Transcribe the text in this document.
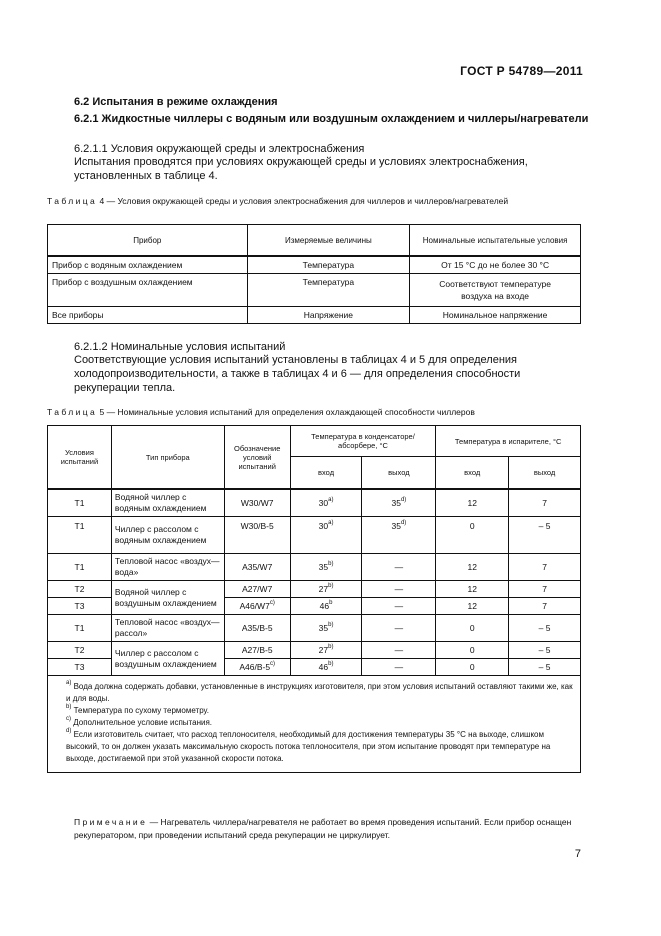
ГОСТ Р 54789—2011
6.2 Испытания в режиме охлаждения
6.2.1 Жидкостные чиллеры с водяным или воздушным охлаждением и чиллеры/нагреватели
6.2.1.1 Условия окружающей среды и электроснабжения
Испытания проводятся при условиях окружающей среды и условиях электроснабжения, установленных в таблице 4.
Таблица 4 — Условия окружающей среды и условия электроснабжения для чиллеров и чиллеров/нагревателей
Прибор	Измеряемые величины	Номинальные испытательные условия
Прибор с водяным охлаждением	Температура	От 15 °С до не более 30 °С
Прибор с воздушным охлаждением	Температура	Соответствуют температуре воздуха на входе
Все приборы	Напряжение	Номинальное напряжение
6.2.1.2 Номинальные условия испытаний
Соответствующие условия испытаний установлены в таблицах 4 и 5 для определения холодопроизводительности, а также в таблицах 4 и 6 — для определения способности рекуперации тепла.
Таблица 5 — Номинальные условия испытаний для определения охлаждающей способности чиллеров
Условия испытаний	Тип прибора	Обозначение условий испытаний	Температура в конденсаторе/абсорбере, °С		Температура в испарителе, °С	
			вход	выход	вход	выход
Т1	Водяной чиллер с водяным охлаждением	W30/W7	30$^{a)}$	35$^{d)}$	12	7
Т1	Чиллер с рассолом с водяным охлаждением	W30/B-5	30$^{a)}$	35$^{d)}$	0	– 5
Т1	Тепловой насос «воздух—вода»	A35/W7	35$^{b)}$	—	12	7
Т2	Водяной чиллер с воздушным охлаждением	A27/W7	27$^{b)}$	—	12	7
Т3		A46/W7$^{c)}$	46$^b$	—	12	7
Т1	Тепловой насос «воздух—рассол»	A35/B-5	35$^{b)}$	—	0	– 5
Т2	Чиллер с рассолом с воздушным охлаждением	A27/B-5	27$^{b)}$	—	0	– 5
Т3		A46/B-5$^{c)}$	46$^{b)}$	—	0	– 5

$^{a)}$ Вода должна содержать добавки, установленные в инструкциях изготовителя, при этом условия испытаний оставляют такими же, как и для воды.
$^{b)}$ Температура по сухому термометру.
$^{c)}$ Дополнительное условие испытания.
$^{d)}$ Если изготовитель считает, что расход теплоносителя, необходимый для достижения температуры 35 °С на выходе, слишком высокий, то он должен указать максимальную скорость потока теплоносителя, при этом испытание проводят при температуре на выходе, достигаемой при этой указанной скорости потока.						
Примечание — Нагреватель чиллера/нагревателя не работает во время проведения испытаний. Если прибор оснащен рекуператором, при проведении испытаний среда рекуперации не циркулирует.
7
